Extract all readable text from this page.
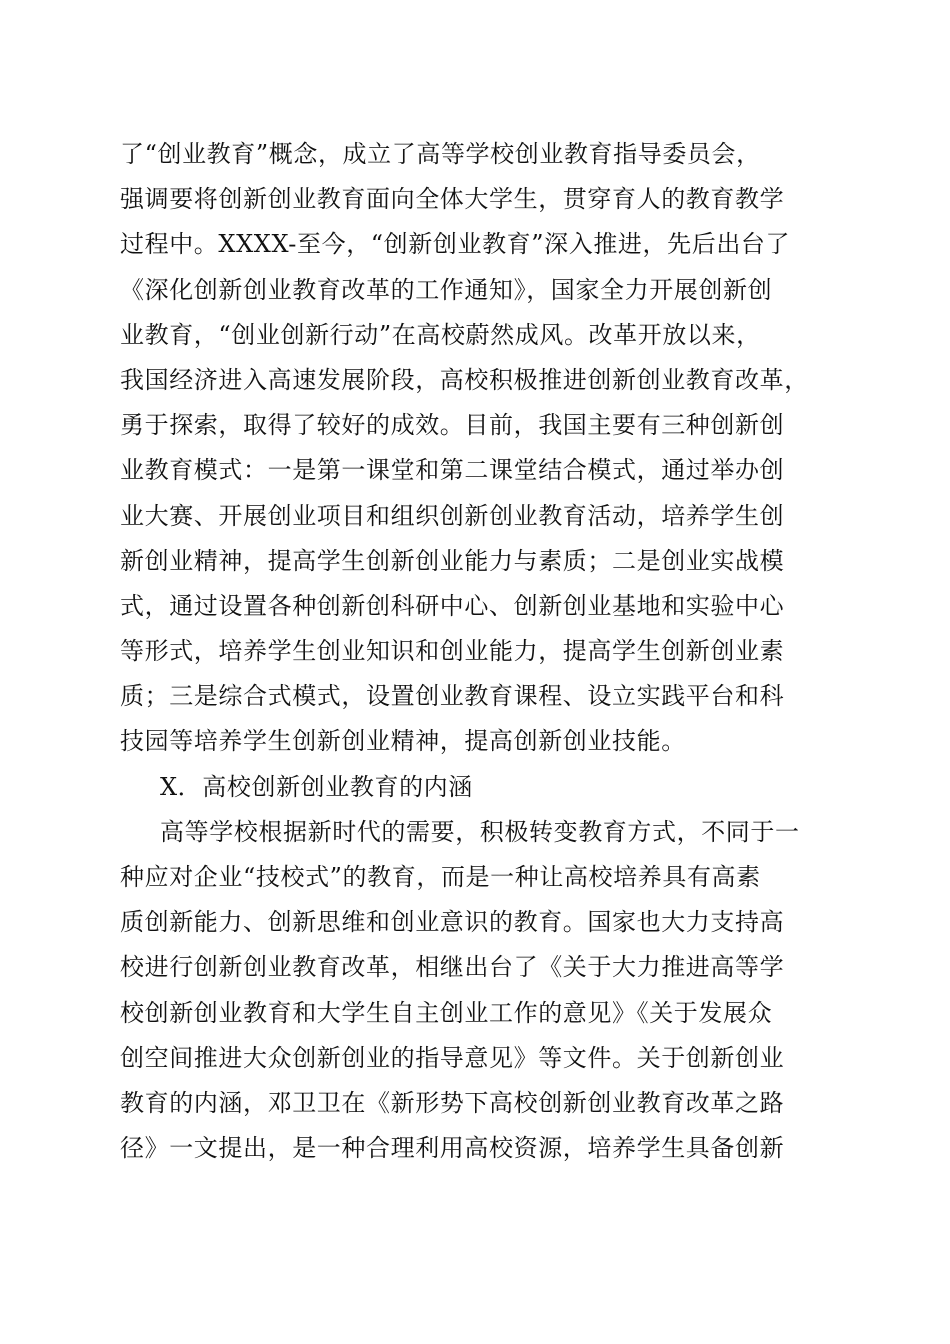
了“创业教育”概念，成立了高等学校创业教育指导委员会，
强调要将创新创业教育面向全体大学生，贯穿育人的教育教学
过程中。XXXX-至今，“创新创业教育”深入推进，先后出台了
《深化创新创业教育改革的工作通知》，国家全力开展创新创
业教育，“创业创新行动”在高校蔚然成风。改革开放以来，
我国经济进入高速发展阶段，高校积极推进创新创业教育改革，
勇于探索，取得了较好的成效。目前，我国主要有三种创新创
业教育模式：一是第一课堂和第二课堂结合模式，通过举办创
业大赛、开展创业项目和组织创新创业教育活动，培养学生创
新创业精神，提高学生创新创业能力与素质；二是创业实战模
式，通过设置各种创新创科研中心、创新创业基地和实验中心
等形式，培养学生创业知识和创业能力，提高学生创新创业素
质；三是综合式模式，设置创业教育课程、设立实践平台和科
技园等培养学生创新创业精神，提高创新创业技能。
X．高校创新创业教育的内涵
高等学校根据新时代的需要，积极转变教育方式，不同于一
种应对企业“技校式”的教育，而是一种让高校培养具有高素
质创新能力、创新思维和创业意识的教育。国家也大力支持高
校进行创新创业教育改革，相继出台了《关于大力推进高等学
校创新创业教育和大学生自主创业工作的意见》《关于发展众
创空间推进大众创新创业的指导意见》等文件。关于创新创业
教育的内涵，邓卫卫在《新形势下高校创新创业教育改革之路
径》一文提出，是一种合理利用高校资源，培养学生具备创新
